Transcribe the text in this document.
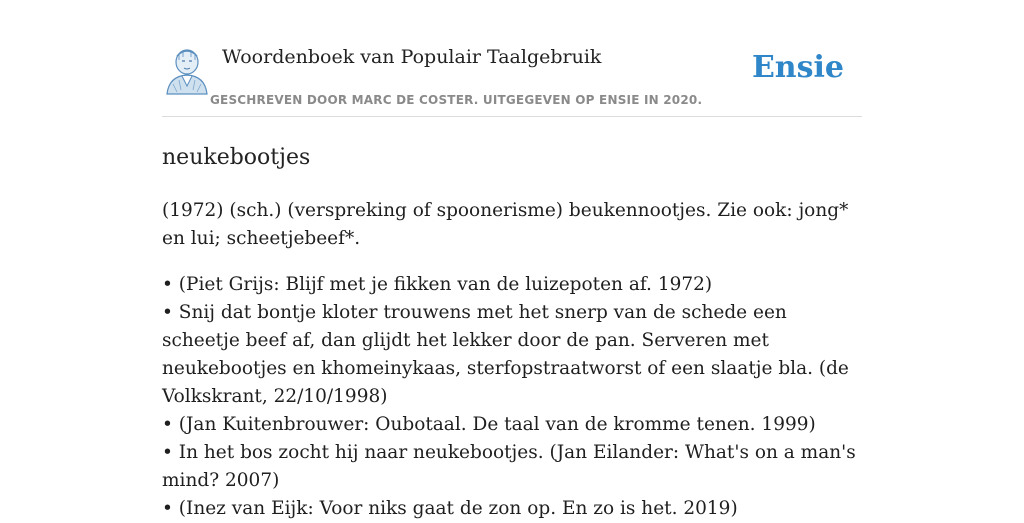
Woordenboek van Populair Taalgebruik
GESCHREVEN DOOR MARC DE COSTER. UITGEGEVEN OP ENSIE IN 2020.
Ensie
neukebootjes
(1972) (sch.) (verspreking of spoonerisme) beukennootjes. Zie ook: jong* en lui; scheetjebeef*.
• (Piet Grijs: Blijf met je fikken van de luizepoten af. 1972)
• Snij dat bontje kloter trouwens met het snerp van de schede een scheetje beef af, dan glijdt het lekker door de pan. Serveren met neukebootjes en khomeinykaas, sterfopstraatworst of een slaatje bla. (de Volkskrant, 22/10/1998)
• (Jan Kuitenbrouwer: Oubotaal. De taal van de kromme tenen. 1999)
• In het bos zocht hij naar neukebootjes. (Jan Eilander: What's on a man's mind? 2007)
• (Inez van Eijk: Voor niks gaat de zon op. En zo is het. 2019)
